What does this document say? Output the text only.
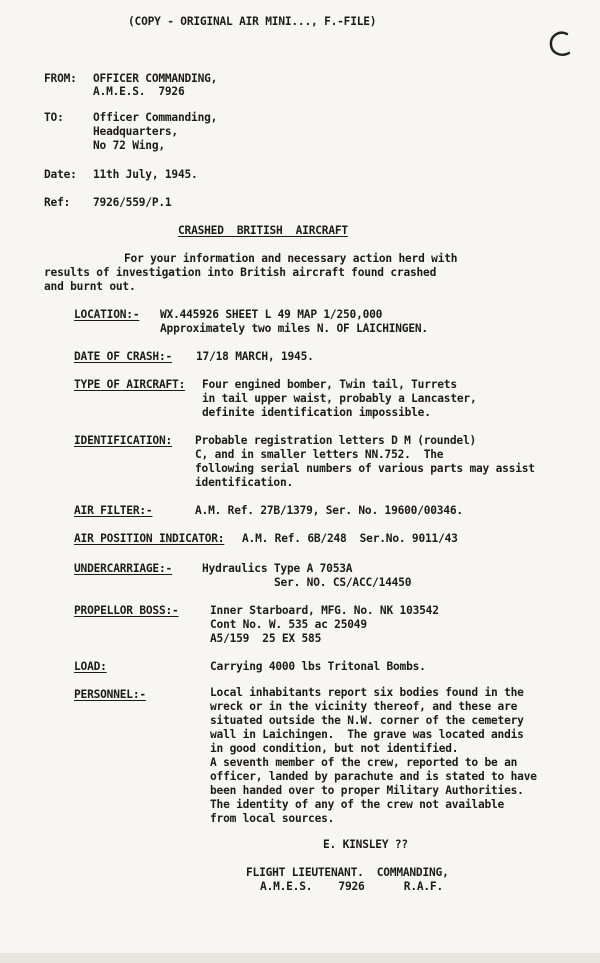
(COPY - ORIGINAL AIR MINI..., F.-FILE)
FROM: OFFICER COMMANDING,
A.M.E.S.  7926
TO:	Officer Commanding,
Headquarters,
No 72 Wing,
Date: 11th July, 1945.
Ref: 7926/559/P.1
CRASHED  BRITISH  AIRCRAFT
For your information and necessary action herd with
results of investigation into British aircraft found crashed
and burnt out.
LOCATION:- WX.445926 SHEET L 49 MAP 1/250,000
Approximately two miles N. OF LAICHINGEN.
DATE OF CRASH:- 17/18 MARCH, 1945.
TYPE OF AIRCRAFT: Four engined bomber, Twin tail, Turrets
in tail upper waist, probably a Lancaster,
definite identification impossible.
IDENTIFICATION: Probable registration letters D M (roundel)
C, and in smaller letters NN.752.  The
following serial numbers of various parts may assist
identification.
AIR FILTER:-	A.M. Ref. 27B/1379, Ser. No. 19600/00346.
AIR POSITION INDICATOR: A.M. Ref. 6B/248  Ser.No. 9011/43
UNDERCARRIAGE:-	Hydraulics Type A 7053A
Ser. NO. CS/ACC/14450
PROPELLOR BOSS:-	Inner Starboard, MFG. No. NK 103542
Cont No. W. 535 ac 25049
A5/159  25 EX 585
LOAD:	Carrying 4000 lbs Tritonal Bombs.
PERSONNEL:-	Local inhabitants report six bodies found in the
wreck or in the vicinity thereof, and these are
situated outside the N.W. corner of the cemetery
wall in Laichingen.  The grave was located andis
in good condition, but not identified.
A seventh member of the crew, reported to be an
officer, landed by parachute and is stated to have
been handed over to proper Military Authorities.
The identity of any of the crew not available
from local sources.
E. KINSLEY ??
FLIGHT LIEUTENANT.  COMMANDING,
A.M.E.S.    7926      R.A.F.
